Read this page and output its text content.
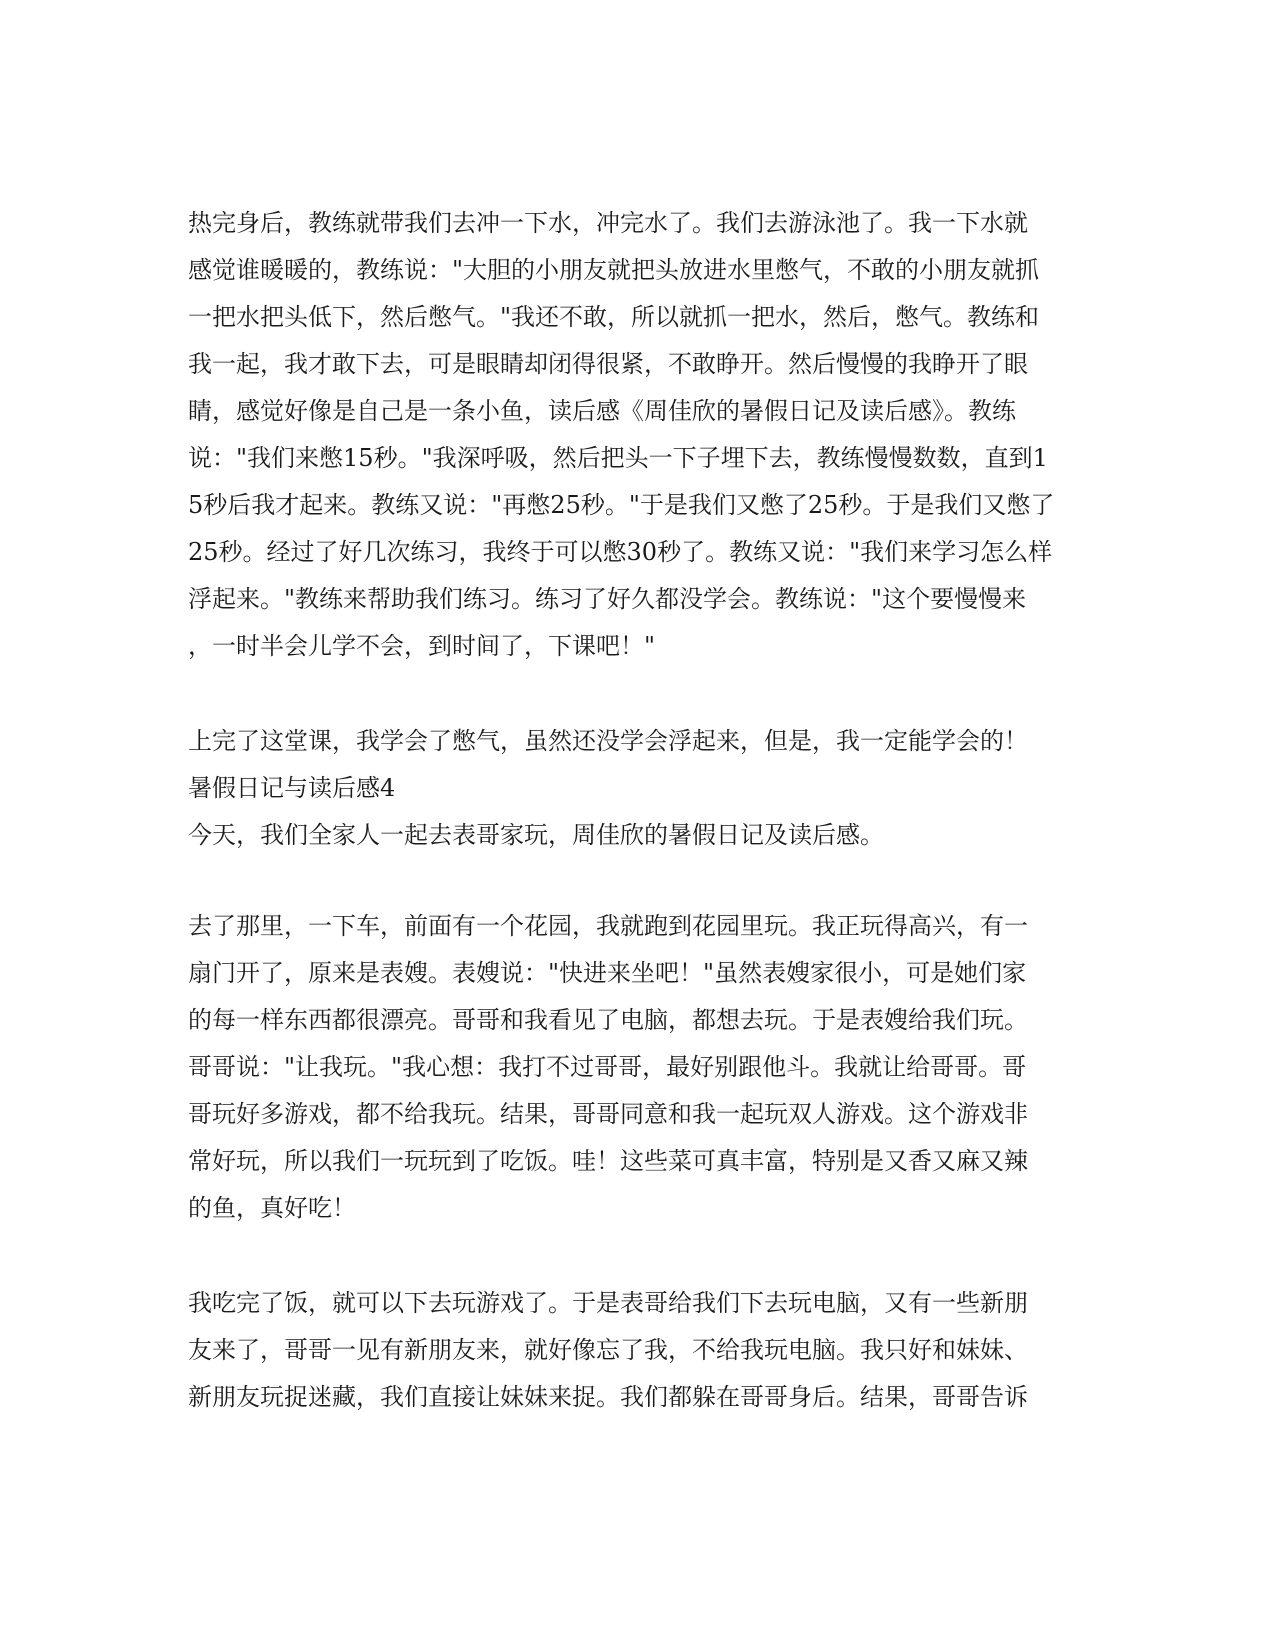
热完身后，教练就带我们去冲一下水，冲完水了。我们去游泳池了。我一下水就
感觉谁暖暖的，教练说："大胆的小朋友就把头放进水里憋气，不敢的小朋友就抓
一把水把头低下，然后憋气。"我还不敢，所以就抓一把水，然后，憋气。教练和
我一起，我才敢下去，可是眼睛却闭得很紧，不敢睁开。然后慢慢的我睁开了眼
睛，感觉好像是自己是一条小鱼，读后感《周佳欣的暑假日记及读后感》。教练
说："我们来憋15秒。"我深呼吸，然后把头一下子埋下去，教练慢慢数数，直到1
5秒后我才起来。教练又说："再憋25秒。"于是我们又憋了25秒。于是我们又憋了
25秒。经过了好几次练习，我终于可以憋30秒了。教练又说："我们来学习怎么样
浮起来。"教练来帮助我们练习。练习了好久都没学会。教练说："这个要慢慢来
，一时半会儿学不会，到时间了，下课吧！"
上完了这堂课，我学会了憋气，虽然还没学会浮起来，但是，我一定能学会的！
暑假日记与读后感4
今天，我们全家人一起去表哥家玩，周佳欣的暑假日记及读后感。
去了那里，一下车，前面有一个花园，我就跑到花园里玩。我正玩得高兴，有一
扇门开了，原来是表嫂。表嫂说："快进来坐吧！"虽然表嫂家很小，可是她们家
的每一样东西都很漂亮。哥哥和我看见了电脑，都想去玩。于是表嫂给我们玩。
哥哥说："让我玩。"我心想：我打不过哥哥，最好别跟他斗。我就让给哥哥。哥
哥玩好多游戏，都不给我玩。结果，哥哥同意和我一起玩双人游戏。这个游戏非
常好玩，所以我们一玩玩到了吃饭。哇！这些菜可真丰富，特别是又香又麻又辣
的鱼，真好吃！
我吃完了饭，就可以下去玩游戏了。于是表哥给我们下去玩电脑，又有一些新朋
友来了，哥哥一见有新朋友来，就好像忘了我，不给我玩电脑。我只好和妹妹、
新朋友玩捉迷藏，我们直接让妹妹来捉。我们都躲在哥哥身后。结果，哥哥告诉
